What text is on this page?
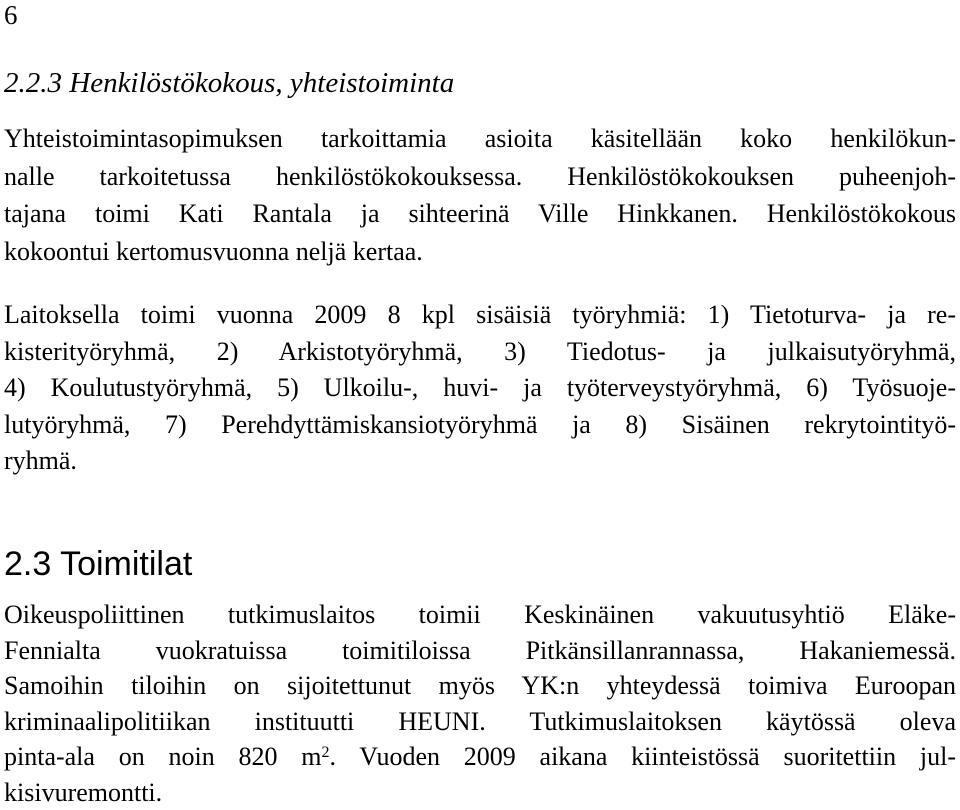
6
2.2.3 Henkilöstökokous, yhteistoiminta
Yhteistoimintasopimuksen tarkoittamia asioita käsitellään koko henkilökun-
nalle tarkoitetussa henkilöstökokouksessa. Henkilöstökokouksen puheenjoh-
tajana toimi Kati Rantala ja sihteerinä Ville Hinkkanen. Henkilöstökokous
kokoontui kertomusvuonna neljä kertaa.
Laitoksella toimi vuonna 2009 8 kpl sisäisiä työryhmiä: 1) Tietoturva- ja re-
kisterityöryhmä, 2) Arkistotyöryhmä, 3) Tiedotus- ja julkaisutyöryhmä,
4) Koulutustyöryhmä, 5) Ulkoilu-, huvi- ja työterveystyöryhmä, 6) Työsuoje-
lutyöryhmä, 7) Perehdyttämiskansiotyöryhmä ja 8) Sisäinen rekrytointityö-
ryhmä.
2.3 Toimitilat
Oikeuspoliittinen tutkimuslaitos toimii Keskinäinen vakuutusyhtiö Eläke-
Fennialta vuokratuissa toimitiloissa Pitkänsillanrannassa, Hakaniemessä.
Samoihin tiloihin on sijoitettunut myös YK:n yhteydessä toimiva Euroopan
kriminaalipolitiikan instituutti HEUNI. Tutkimuslaitoksen käytössä oleva
pinta-ala on noin 820 $m^2$. Vuoden 2009 aikana kiinteistössä suoritettiin jul-
kisivuremontti.
